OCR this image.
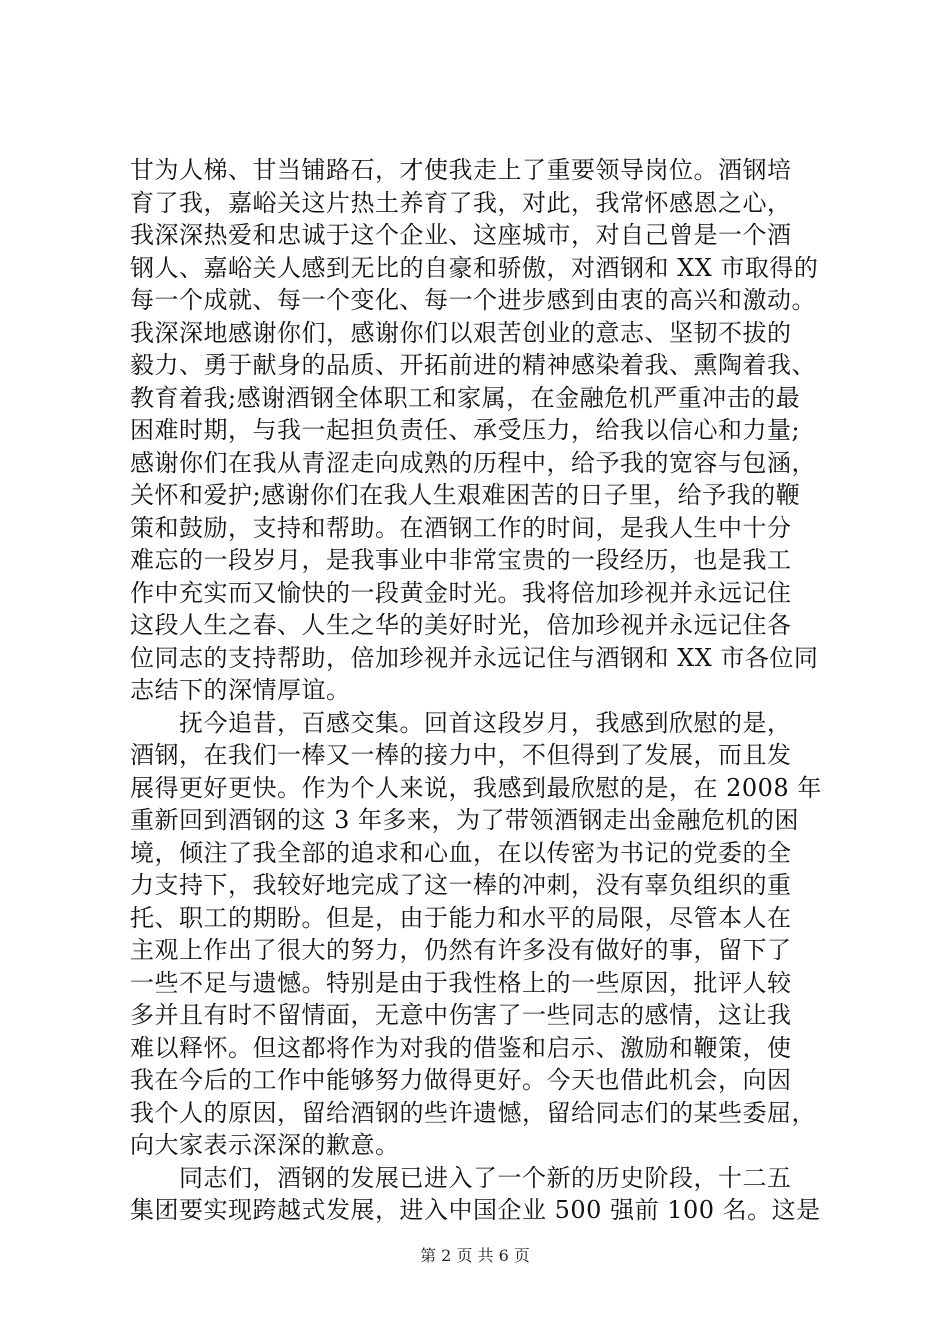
甘为人梯、甘当铺路石，才使我走上了重要领导岗位。酒钢培
育了我，嘉峪关这片热土养育了我，对此，我常怀感恩之心，
我深深热爱和忠诚于这个企业、这座城市，对自己曾是一个酒
钢人、嘉峪关人感到无比的自豪和骄傲，对酒钢和 XX 市取得的
每一个成就、每一个变化、每一个进步感到由衷的高兴和激动。
我深深地感谢你们，感谢你们以艰苦创业的意志、坚韧不拔的
毅力、勇于献身的品质、开拓前进的精神感染着我、熏陶着我、
教育着我;感谢酒钢全体职工和家属，在金融危机严重冲击的最
困难时期，与我一起担负责任、承受压力，给我以信心和力量;
感谢你们在我从青涩走向成熟的历程中，给予我的宽容与包涵，
关怀和爱护;感谢你们在我人生艰难困苦的日子里，给予我的鞭
策和鼓励，支持和帮助。在酒钢工作的时间，是我人生中十分
难忘的一段岁月，是我事业中非常宝贵的一段经历，也是我工
作中充实而又愉快的一段黄金时光。我将倍加珍视并永远记住
这段人生之春、人生之华的美好时光，倍加珍视并永远记住各
位同志的支持帮助，倍加珍视并永远记住与酒钢和 XX 市各位同
志结下的深情厚谊。
　　抚今追昔，百感交集。回首这段岁月，我感到欣慰的是，
酒钢，在我们一棒又一棒的接力中，不但得到了发展，而且发
展得更好更快。作为个人来说，我感到最欣慰的是，在 2008 年
重新回到酒钢的这 3 年多来，为了带领酒钢走出金融危机的困
境，倾注了我全部的追求和心血，在以传密为书记的党委的全
力支持下，我较好地完成了这一棒的冲刺，没有辜负组织的重
托、职工的期盼。但是，由于能力和水平的局限，尽管本人在
主观上作出了很大的努力，仍然有许多没有做好的事，留下了
一些不足与遗憾。特别是由于我性格上的一些原因，批评人较
多并且有时不留情面，无意中伤害了一些同志的感情，这让我
难以释怀。但这都将作为对我的借鉴和启示、激励和鞭策，使
我在今后的工作中能够努力做得更好。今天也借此机会，向因
我个人的原因，留给酒钢的些许遗憾，留给同志们的某些委屈，
向大家表示深深的歉意。
　　同志们，酒钢的发展已进入了一个新的历史阶段，十二五
集团要实现跨越式发展，进入中国企业 500 强前 100 名。这是
第 2 页 共 6 页
